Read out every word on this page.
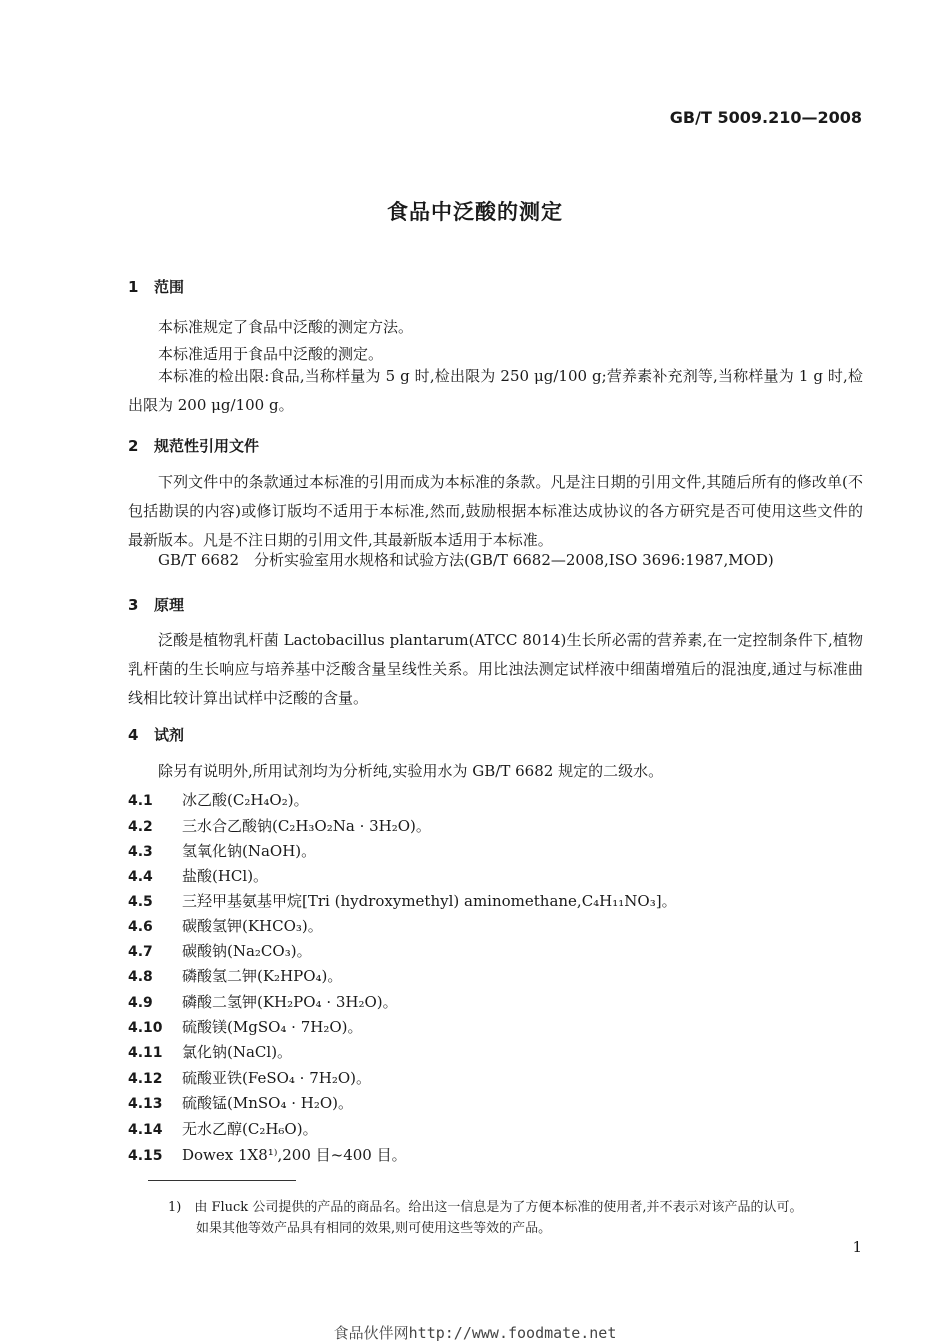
GB/T 5009.210—2008
食品中泛酸的测定
1 范围
本标准规定了食品中泛酸的测定方法。
本标准适用于食品中泛酸的测定。
本标准的检出限:食品,当称样量为 5 g 时,检出限为 250 μg/100 g;营养素补充剂等,当称样量为 1 g 时,检出限为 200 μg/100 g。
2 规范性引用文件
下列文件中的条款通过本标准的引用而成为本标准的条款。凡是注日期的引用文件,其随后所有的修改单(不包括勘误的内容)或修订版均不适用于本标准,然而,鼓励根据本标准达成协议的各方研究是否可使用这些文件的最新版本。凡是不注日期的引用文件,其最新版本适用于本标准。
GB/T 6682　分析实验室用水规格和试验方法(GB/T 6682—2008,ISO 3696:1987,MOD)
3 原理
泛酸是植物乳杆菌 Lactobacillus plantarum(ATCC 8014)生长所必需的营养素,在一定控制条件下,植物乳杆菌的生长响应与培养基中泛酸含量呈线性关系。用比浊法测定试样液中细菌增殖后的混浊度,通过与标准曲线相比较计算出试样中泛酸的含量。
4 试剂
除另有说明外,所用试剂均为分析纯,实验用水为 GB/T 6682 规定的二级水。
4.1 冰乙酸(C₂H₄O₂)。
4.2 三水合乙酸钠(C₂H₃O₂Na · 3H₂O)。
4.3 氢氧化钠(NaOH)。
4.4 盐酸(HCl)。
4.5 三羟甲基氨基甲烷[Tri (hydroxymethyl) aminomethane,C₄H₁₁NO₃]。
4.6 碳酸氢钾(KHCO₃)。
4.7 碳酸钠(Na₂CO₃)。
4.8 磷酸氢二钾(K₂HPO₄)。
4.9 磷酸二氢钾(KH₂PO₄ · 3H₂O)。
4.10 硫酸镁(MgSO₄ · 7H₂O)。
4.11 氯化钠(NaCl)。
4.12 硫酸亚铁(FeSO₄ · 7H₂O)。
4.13 硫酸锰(MnSO₄ · H₂O)。
4.14 无水乙醇(C₂H₆O)。
4.15 Dowex 1X8¹⁾,200 目~400 目。
1)　由 Fluck 公司提供的产品的商品名。给出这一信息是为了方便本标准的使用者,并不表示对该产品的认可。
如果其他等效产品具有相同的效果,则可使用这些等效的产品。
1
食品伙伴网http://www.foodmate.net
